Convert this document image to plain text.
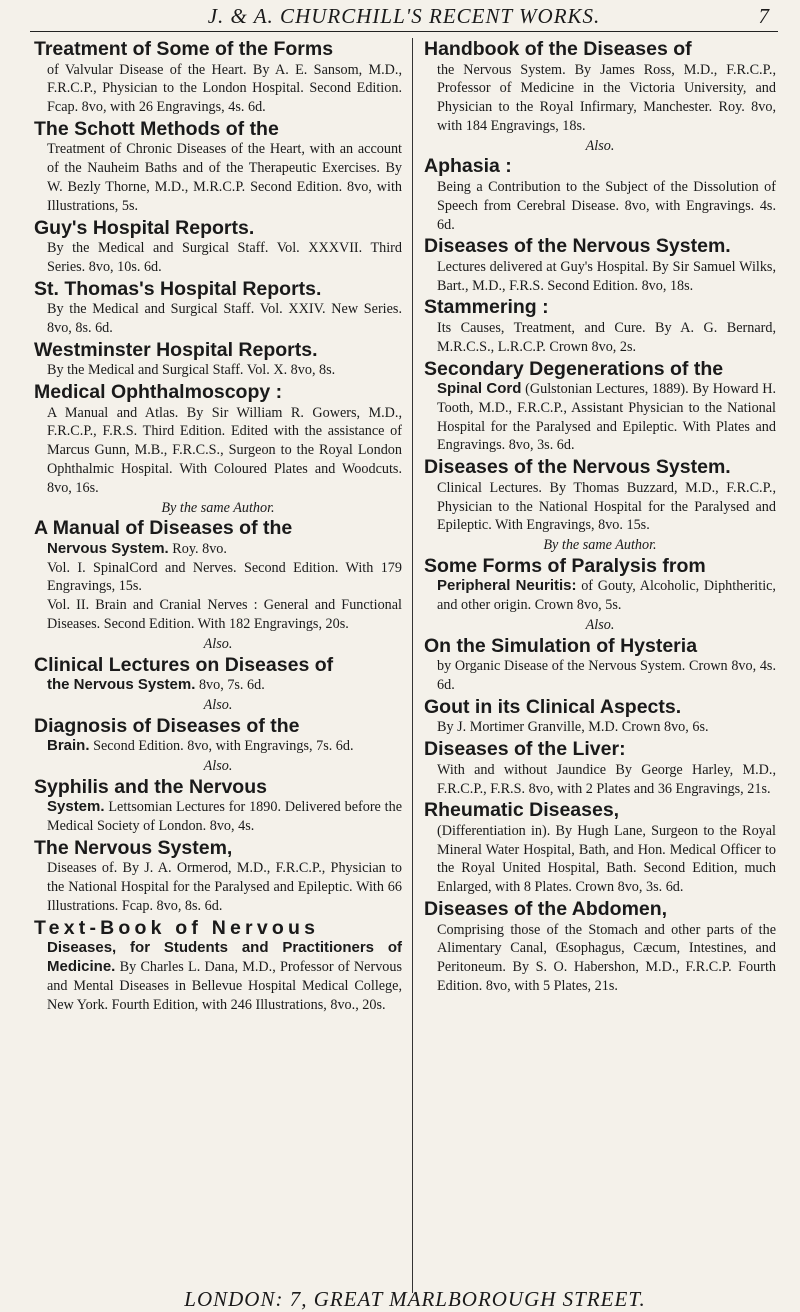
J. & A. CHURCHILL'S RECENT WORKS.	7
Treatment of Some of the Forms
of Valvular Disease of the Heart. By A. E. Sansom, M.D., F.R.C.P., Physician to the London Hospital. Second Edition. Fcap. 8vo, with 26 Engravings, 4s. 6d.
The Schott Methods of the
Treatment of Chronic Diseases of the Heart, with an account of the Nauheim Baths and of the Therapeutic Exercises. By W. Bezly Thorne, M.D., M.R.C.P. Second Edition. 8vo, with Illustrations, 5s.
Guy's Hospital Reports.
By the Medical and Surgical Staff. Vol. XXXVII. Third Series. 8vo, 10s. 6d.
St. Thomas's Hospital Reports.
By the Medical and Surgical Staff. Vol. XXIV. New Series. 8vo, 8s. 6d.
Westminster Hospital Reports.
By the Medical and Surgical Staff. Vol. X. 8vo, 8s.
Medical Ophthalmoscopy :
A Manual and Atlas. By Sir William R. Gowers, M.D., F.R.C.P., F.R.S. Third Edition. Edited with the assistance of Marcus Gunn, M.B., F.R.C.S., Surgeon to the Royal London Ophthalmic Hospital. With Coloured Plates and Woodcuts. 8vo, 16s.
By the same Author.
A Manual of Diseases of the
Nervous System. Roy. 8vo.
Vol. I. SpinalCord and Nerves. Second Edition. With 179 Engravings, 15s.
Vol. II. Brain and Cranial Nerves : General and Functional Diseases. Second Edition. With 182 Engravings, 20s.
Also.
Clinical Lectures on Diseases of
the Nervous System. 8vo, 7s. 6d.
Also.
Diagnosis of Diseases of the
Brain. Second Edition. 8vo, with Engravings, 7s. 6d.
Also.
Syphilis and the Nervous
System. Lettsomian Lectures for 1890. Delivered before the Medical Society of London. 8vo, 4s.
The Nervous System,
Diseases of. By J. A. Ormerod, M.D., F.R.C.P., Physician to the National Hospital for the Paralysed and Epileptic. With 66 Illustrations. Fcap. 8vo, 8s. 6d.
Text-Book of Nervous
Diseases, for Students and Practitioners of Medicine. By Charles L. Dana, M.D., Professor of Nervous and Mental Diseases in Bellevue Hospital Medical College, New York. Fourth Edition, with 246 Illustrations, 8vo., 20s.
Handbook of the Diseases of
the Nervous System. By James Ross, M.D., F.R.C.P., Professor of Medicine in the Victoria University, and Physician to the Royal Infirmary, Manchester. Roy. 8vo, with 184 Engravings, 18s.
Also.
Aphasia :
Being a Contribution to the Subject of the Dissolution of Speech from Cerebral Disease. 8vo, with Engravings. 4s. 6d.
Diseases of the Nervous System.
Lectures delivered at Guy's Hospital. By Sir Samuel Wilks, Bart., M.D., F.R.S. Second Edition. 8vo, 18s.
Stammering :
Its Causes, Treatment, and Cure. By A. G. Bernard, M.R.C.S., L.R.C.P. Crown 8vo, 2s.
Secondary Degenerations of the
Spinal Cord (Gulstonian Lectures, 1889). By Howard H. Tooth, M.D., F.R.C.P., Assistant Physician to the National Hospital for the Paralysed and Epileptic. With Plates and Engravings. 8vo, 3s. 6d.
Diseases of the Nervous System.
Clinical Lectures. By Thomas Buzzard, M.D., F.R.C.P., Physician to the National Hospital for the Paralysed and Epileptic. With Engravings, 8vo. 15s.
By the same Author.
Some Forms of Paralysis from
Peripheral Neuritis: of Gouty, Alcoholic, Diphtheritic, and other origin. Crown 8vo, 5s.
Also.
On the Simulation of Hysteria
by Organic Disease of the Nervous System. Crown 8vo, 4s. 6d.
Gout in its Clinical Aspects.
By J. Mortimer Granville, M.D. Crown 8vo, 6s.
Diseases of the Liver:
With and without Jaundice By George Harley, M.D., F.R.C.P., F.R.S. 8vo, with 2 Plates and 36 Engravings, 21s.
Rheumatic Diseases,
(Differentiation in). By Hugh Lane, Surgeon to the Royal Mineral Water Hospital, Bath, and Hon. Medical Officer to the Royal United Hospital, Bath. Second Edition, much Enlarged, with 8 Plates. Crown 8vo, 3s. 6d.
Diseases of the Abdomen,
Comprising those of the Stomach and other parts of the Alimentary Canal, Œsophagus, Cæcum, Intestines, and Peritoneum. By S. O. Habershon, M.D., F.R.C.P. Fourth Edition. 8vo, with 5 Plates, 21s.
LONDON: 7, GREAT MARLBOROUGH STREET.
